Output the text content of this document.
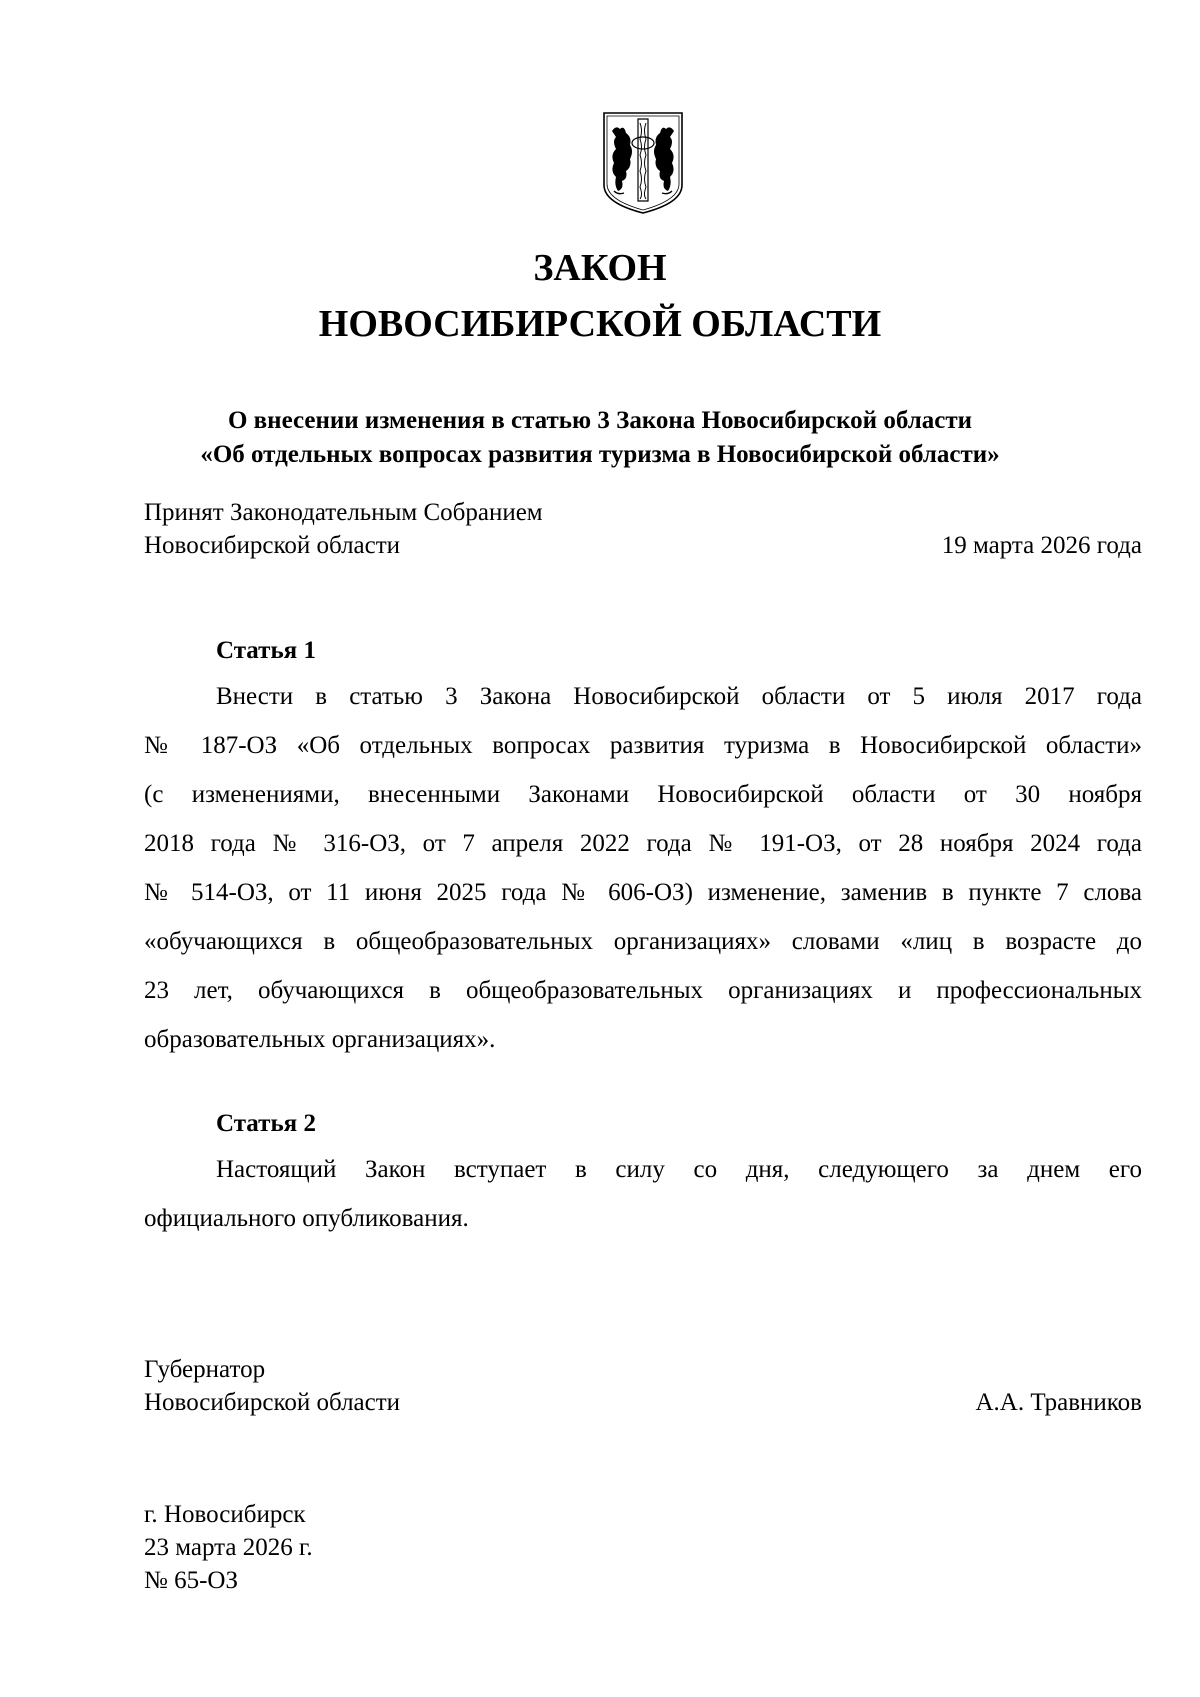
ЗАКОН
НОВОСИБИРСКОЙ ОБЛАСТИ
О внесении изменения в статью 3 Закона Новосибирской области
«Об отдельных вопросах развития туризма в Новосибирской области»
Принят Законодательным Собранием
Новосибирской области	19 марта 2026 года
Статья 1
Внести в статью 3 Закона Новосибирской области от 5 июля 2017 года
№ 187-ОЗ «Об отдельных вопросах развития туризма в Новосибирской области»
(с изменениями, внесенными Законами Новосибирской области от 30 ноября
2018 года № 316-ОЗ, от 7 апреля 2022 года № 191-ОЗ, от 28 ноября 2024 года
№ 514-ОЗ, от 11 июня 2025 года № 606-ОЗ) изменение, заменив в пункте 7 слова
«обучающихся в общеобразовательных организациях» словами «лиц в возрасте до
23 лет, обучающихся в общеобразовательных организациях и профессиональных
образовательных организациях».
Статья 2
Настоящий Закон вступает в силу со дня, следующего за днем его
официального опубликования.
Губернатор
Новосибирской области	А.А. Травников
г. Новосибирск
23 марта 2026 г.
№ 65-ОЗ
